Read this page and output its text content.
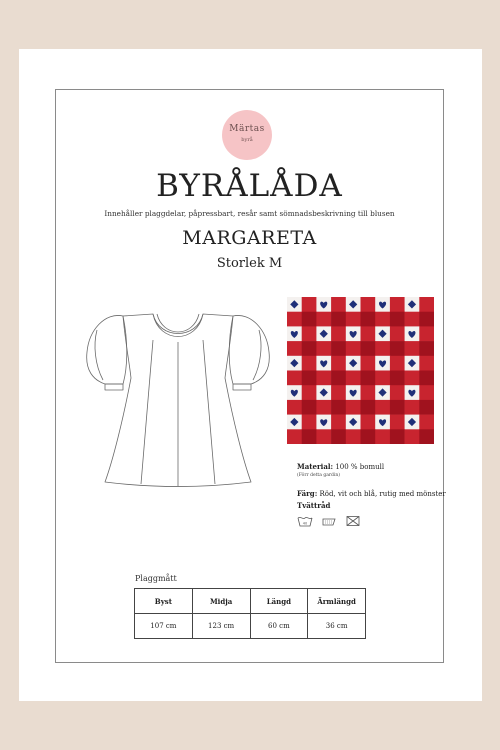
Märtas
byrå
BYRÅLÅDA
Innehåller plaggdelar, påpressbart, resår samt sömnadsbeskrivning till blusen
MARGARETA
Storlek M
Material: 100 % bomull
(Förr detta gardin)
Färg: Röd, vit och blå, rutig med mönster
Tvättråd
40
Plaggmått
Byst	Midja	Längd	Ärmlängd
107 cm	123 cm	60 cm	36 cm
